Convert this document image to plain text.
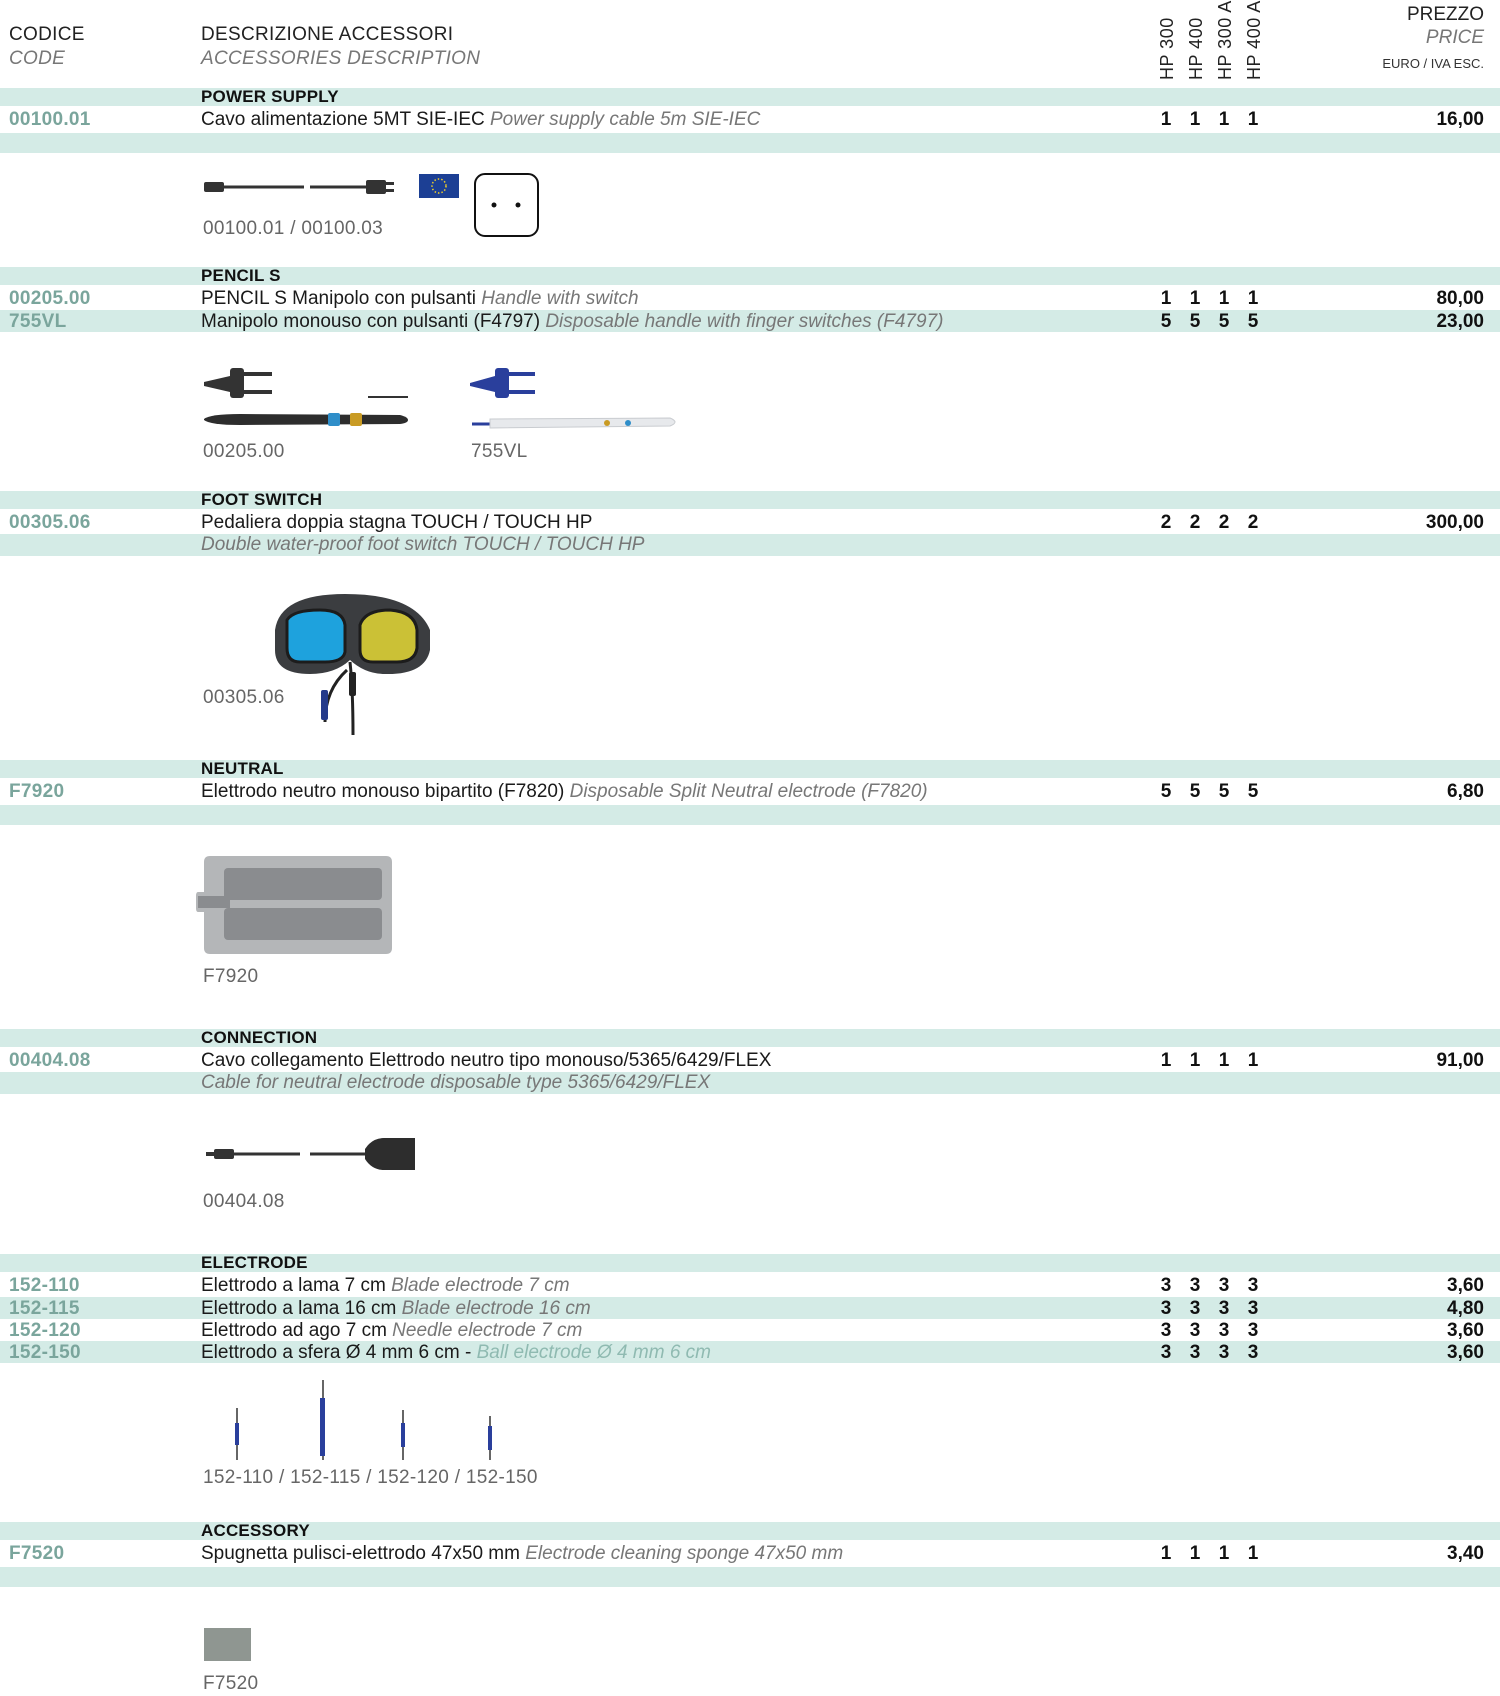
CODICE
CODE
DESCRIZIONE ACCESSORI
ACCESSORIES DESCRIPTION	HP 300 HP 400 HP 300 A HP 400 A	PREZZO
PRICE
EURO / IVA ESC.
POWER SUPPLY
00100.01	Cavo alimentazione 5MT SIE-IEC Power supply cable 5m SIE-IEC	1 1 1 1	16,00
00100.01 / 00100.03
PENCIL S
00205.00	PENCIL S Manipolo con pulsanti Handle with switch	1 1 1 1	80,00
755VL	Manipolo monouso con pulsanti (F4797) Disposable handle with finger switches (F4797)	5 5 5 5	23,00
00205.00	755VL
FOOT SWITCH
00305.06	Pedaliera doppia stagna TOUCH / TOUCH HP	2 2 2 2	300,00
Double water-proof foot switch TOUCH / TOUCH HP
00305.06
NEUTRAL
F7920	Elettrodo neutro monouso bipartito (F7820) Disposable Split Neutral electrode (F7820)	5 5 5 5	6,80
F7920
CONNECTION
00404.08	Cavo collegamento Elettrodo neutro tipo monouso/5365/6429/FLEX	1 1 1 1	91,00
Cable for neutral electrode disposable type 5365/6429/FLEX
00404.08
ELECTRODE
152-110	Elettrodo a lama 7 cm Blade electrode 7 cm	3 3 3 3	3,60
152-115	Elettrodo a lama 16 cm Blade electrode 16 cm	3 3 3 3	4,80
152-120	Elettrodo ad ago 7 cm Needle electrode 7 cm	3 3 3 3	3,60
152-150	Elettrodo a sfera Ø 4 mm 6 cm - Ball electrode Ø 4 mm 6 cm	3 3 3 3	3,60
152-110 / 152-115 / 152-120 / 152-150
ACCESSORY
F7520	Spugnetta pulisci-elettrodo 47x50 mm Electrode cleaning sponge 47x50 mm	1 1 1 1	3,40
F7520
